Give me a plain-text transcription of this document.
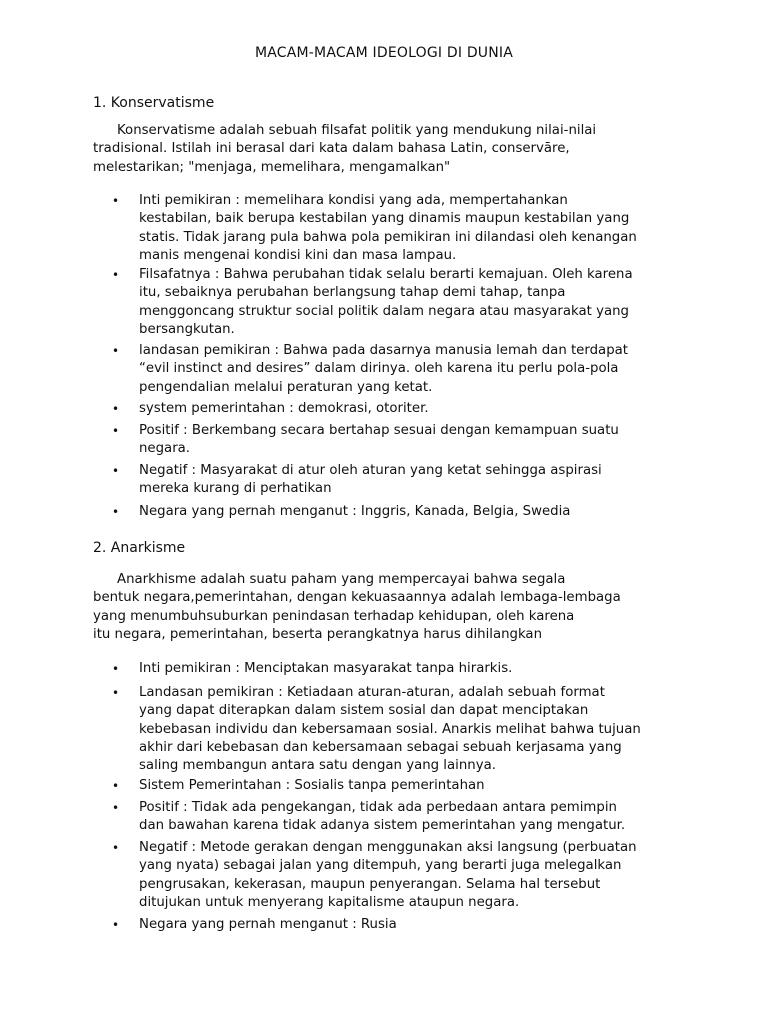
MACAM-MACAM IDEOLOGI DI DUNIA
1. Konservatisme
Konservatisme adalah sebuah filsafat politik yang mendukung nilai-nilai
tradisional. Istilah ini berasal dari kata dalam bahasa Latin, conservāre,
melestarikan; "menjaga, memelihara, mengamalkan"
•	Inti pemikiran : memelihara kondisi yang ada, mempertahankan
kestabilan, baik berupa kestabilan yang dinamis maupun kestabilan yang
statis. Tidak jarang pula bahwa pola pemikiran ini dilandasi oleh kenangan
manis mengenai kondisi kini dan masa lampau.
•	Filsafatnya : Bahwa perubahan tidak selalu berarti kemajuan. Oleh karena
itu, sebaiknya perubahan berlangsung tahap demi tahap, tanpa
menggoncang struktur social politik dalam negara atau masyarakat yang
bersangkutan.
•	landasan pemikiran : Bahwa pada dasarnya manusia lemah dan terdapat
“evil instinct and desires” dalam dirinya. oleh karena itu perlu pola-pola
pengendalian melalui peraturan yang ketat.
•	system pemerintahan : demokrasi, otoriter.
•	Positif : Berkembang secara bertahap sesuai dengan kemampuan suatu
negara.
•	Negatif : Masyarakat di atur oleh aturan yang ketat sehingga aspirasi
mereka kurang di perhatikan
•	Negara yang pernah menganut : Inggris, Kanada, Belgia, Swedia
2. Anarkisme
Anarkhisme adalah suatu paham yang mempercayai bahwa segala
bentuk negara,pemerintahan, dengan kekuasaannya adalah lembaga-lembaga
yang menumbuhsuburkan penindasan terhadap kehidupan, oleh karena
itu negara, pemerintahan, beserta perangkatnya harus dihilangkan
•	Inti pemikiran : Menciptakan masyarakat tanpa hirarkis.
•	Landasan pemikiran : Ketiadaan aturan-aturan, adalah sebuah format
yang dapat diterapkan dalam sistem sosial dan dapat menciptakan
kebebasan individu dan kebersamaan sosial. Anarkis melihat bahwa tujuan
akhir dari kebebasan dan kebersamaan sebagai sebuah kerjasama yang
saling membangun antara satu dengan yang lainnya.
•	Sistem Pemerintahan : Sosialis tanpa pemerintahan
•	Positif : Tidak ada pengekangan, tidak ada perbedaan antara pemimpin
dan bawahan karena tidak adanya sistem pemerintahan yang mengatur.
•	Negatif : Metode gerakan dengan menggunakan aksi langsung (perbuatan
yang nyata) sebagai jalan yang ditempuh, yang berarti juga melegalkan
pengrusakan, kekerasan, maupun penyerangan. Selama hal tersebut
ditujukan untuk menyerang kapitalisme ataupun negara.
•	Negara yang pernah menganut : Rusia
